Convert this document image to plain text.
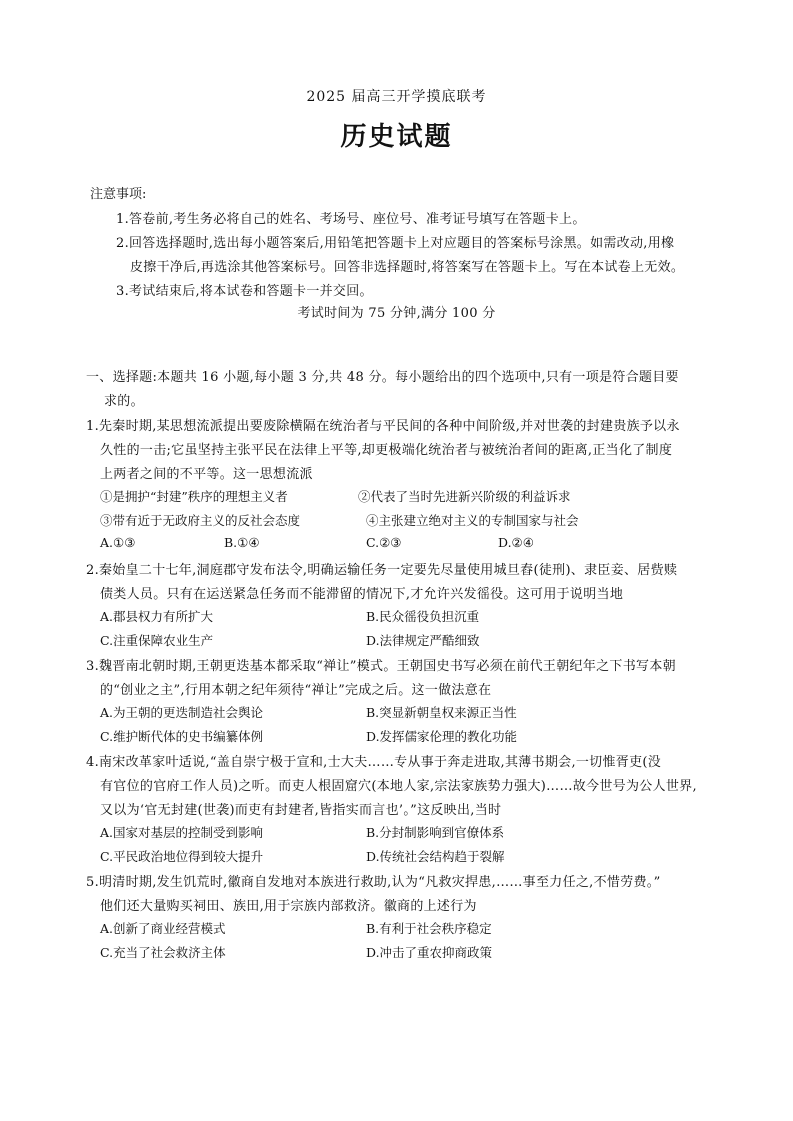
2025 届高三开学摸底联考
历史试题
注意事项:
1.答卷前,考生务必将自己的姓名、考场号、座位号、准考证号填写在答题卡上。
2.回答选择题时,选出每小题答案后,用铅笔把答题卡上对应题目的答案标号涂黑。如需改动,用橡
皮擦干净后,再选涂其他答案标号。回答非选择题时,将答案写在答题卡上。写在本试卷上无效。
3.考试结束后,将本试卷和答题卡一并交回。
考试时间为 75 分钟,满分 100 分
一、选择题:本题共 16 小题,每小题 3 分,共 48 分。每小题给出的四个选项中,只有一项是符合题目要
求的。
1.先秦时期,某思想流派提出要废除横隔在统治者与平民间的各种中间阶级,并对世袭的封建贵族予以永
久性的一击;它虽坚持主张平民在法律上平等,却更极端化统治者与被统治者间的距离,正当化了制度
上两者之间的不平等。这一思想流派
①是拥护“封建”秩序的理想主义者	②代表了当时先进新兴阶级的利益诉求
③带有近于无政府主义的反社会态度	④主张建立绝对主义的专制国家与社会
A.①③	B.①④	C.②③	D.②④
2.秦始皇二十七年,洞庭郡守发布法令,明确运输任务一定要先尽量使用城旦舂(徒刑)、隶臣妾、居赀赎
债类人员。只有在运送紧急任务而不能滞留的情况下,才允许兴发徭役。这可用于说明当地
A.郡县权力有所扩大	B.民众徭役负担沉重
C.注重保障农业生产	D.法律规定严酷细致
3.魏晋南北朝时期,王朝更迭基本都采取“禅让”模式。王朝国史书写必须在前代王朝纪年之下书写本朝
的“创业之主”,行用本朝之纪年须待“禅让”完成之后。这一做法意在
A.为王朝的更迭制造社会舆论	B.突显新朝皇权来源正当性
C.维护断代体的史书编纂体例	D.发挥儒家伦理的教化功能
4.南宋改革家叶适说,“盖自崇宁极于宣和,士大夫……专从事于奔走进取,其薄书期会,一切惟胥吏(没
有官位的官府工作人员)之听。而吏人根固窟穴(本地人家,宗法家族势力强大)……故今世号为公人世界,
又以为‘官无封建(世袭)而吏有封建者,皆指实而言也’。”这反映出,当时
A.国家对基层的控制受到影响	B.分封制影响到官僚体系
C.平民政治地位得到较大提升	D.传统社会结构趋于裂解
5.明清时期,发生饥荒时,徽商自发地对本族进行救助,认为“凡救灾捍患,……事至力任之,不惜劳费。”
他们还大量购买祠田、族田,用于宗族内部救济。徽商的上述行为
A.创新了商业经营模式	B.有利于社会秩序稳定
C.充当了社会救济主体	D.冲击了重农抑商政策
